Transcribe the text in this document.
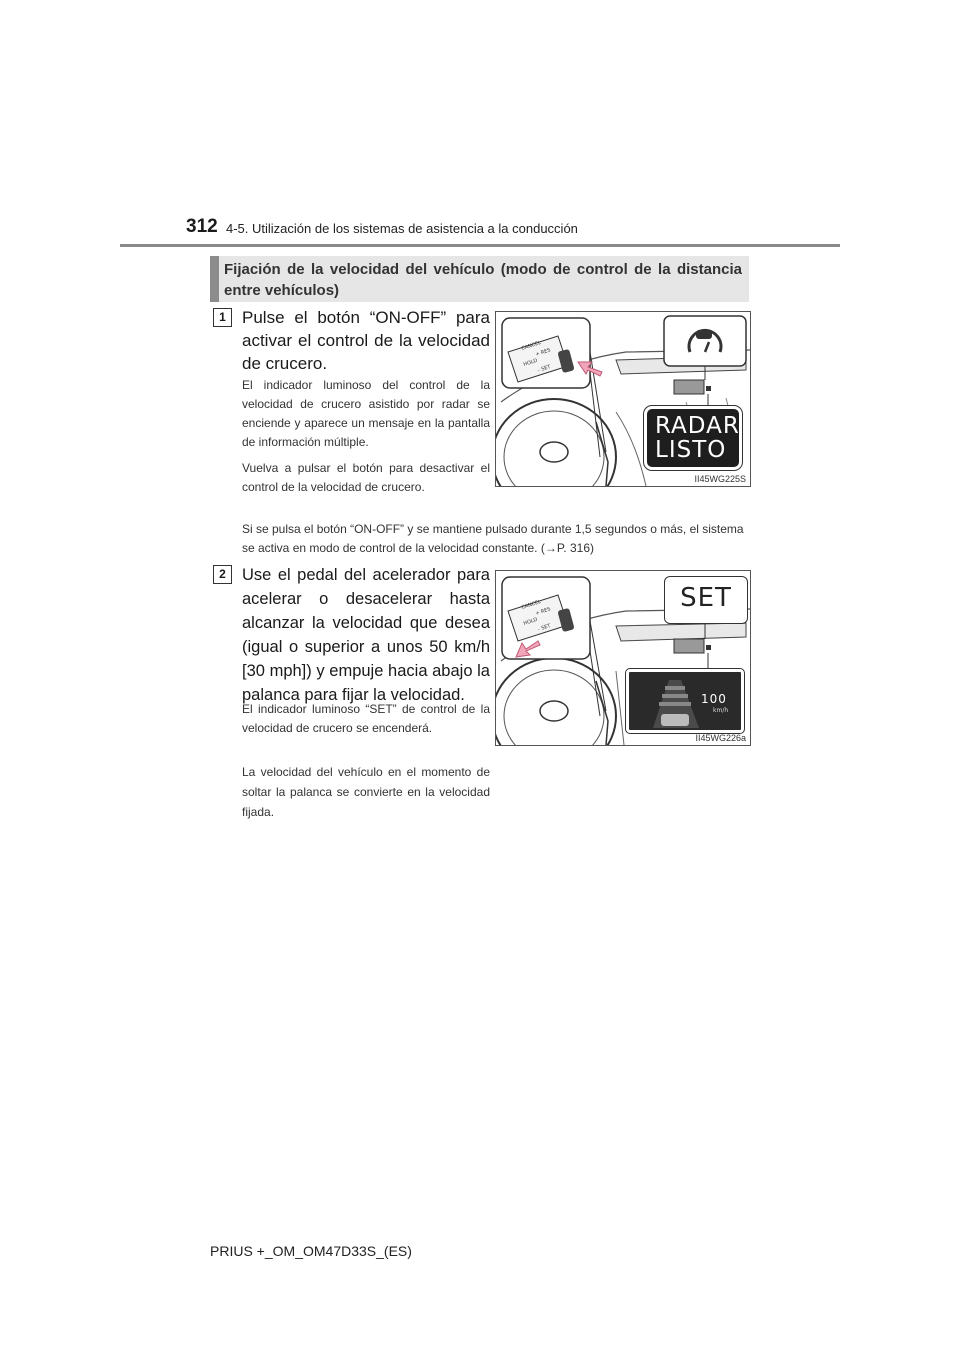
312 4-5. Utilización de los sistemas de asistencia a la conducción
Fijación de la velocidad del vehículo (modo de control de la distancia entre vehículos)
1 Pulse el botón “ON-OFF” para activar el control de la velocidad de crucero.
El indicador luminoso del control de la velocidad de crucero asistido por radar se enciende y aparece un mensaje en la pantalla de información múltiple.
Vuelva a pulsar el botón para desactivar el control de la velocidad de crucero.
Si se pulsa el botón “ON-OFF” y se mantiene pulsado durante 1,5 segundos o más, el sistema se activa en modo de control de la velocidad constante. (→P. 316)
CANCEL
+ RES
HOLD
– SET
RADAR
LISTO
II45WG225S
2 Use el pedal del acelerador para acelerar o desacelerar hasta alcanzar la velocidad que desea (igual o superior a unos 50 km/h [30 mph]) y empuje hacia abajo la palanca para fijar la velocidad.
El indicador luminoso “SET” de control de la velocidad de crucero se encenderá.
La velocidad del vehículo en el momento de soltar la palanca se convierte en la velocidad fijada.
CANCEL
+ RES
HOLD
– SET
SET
100
km/h
II45WG226a
PRIUS +_OM_OM47D33S_(ES)
